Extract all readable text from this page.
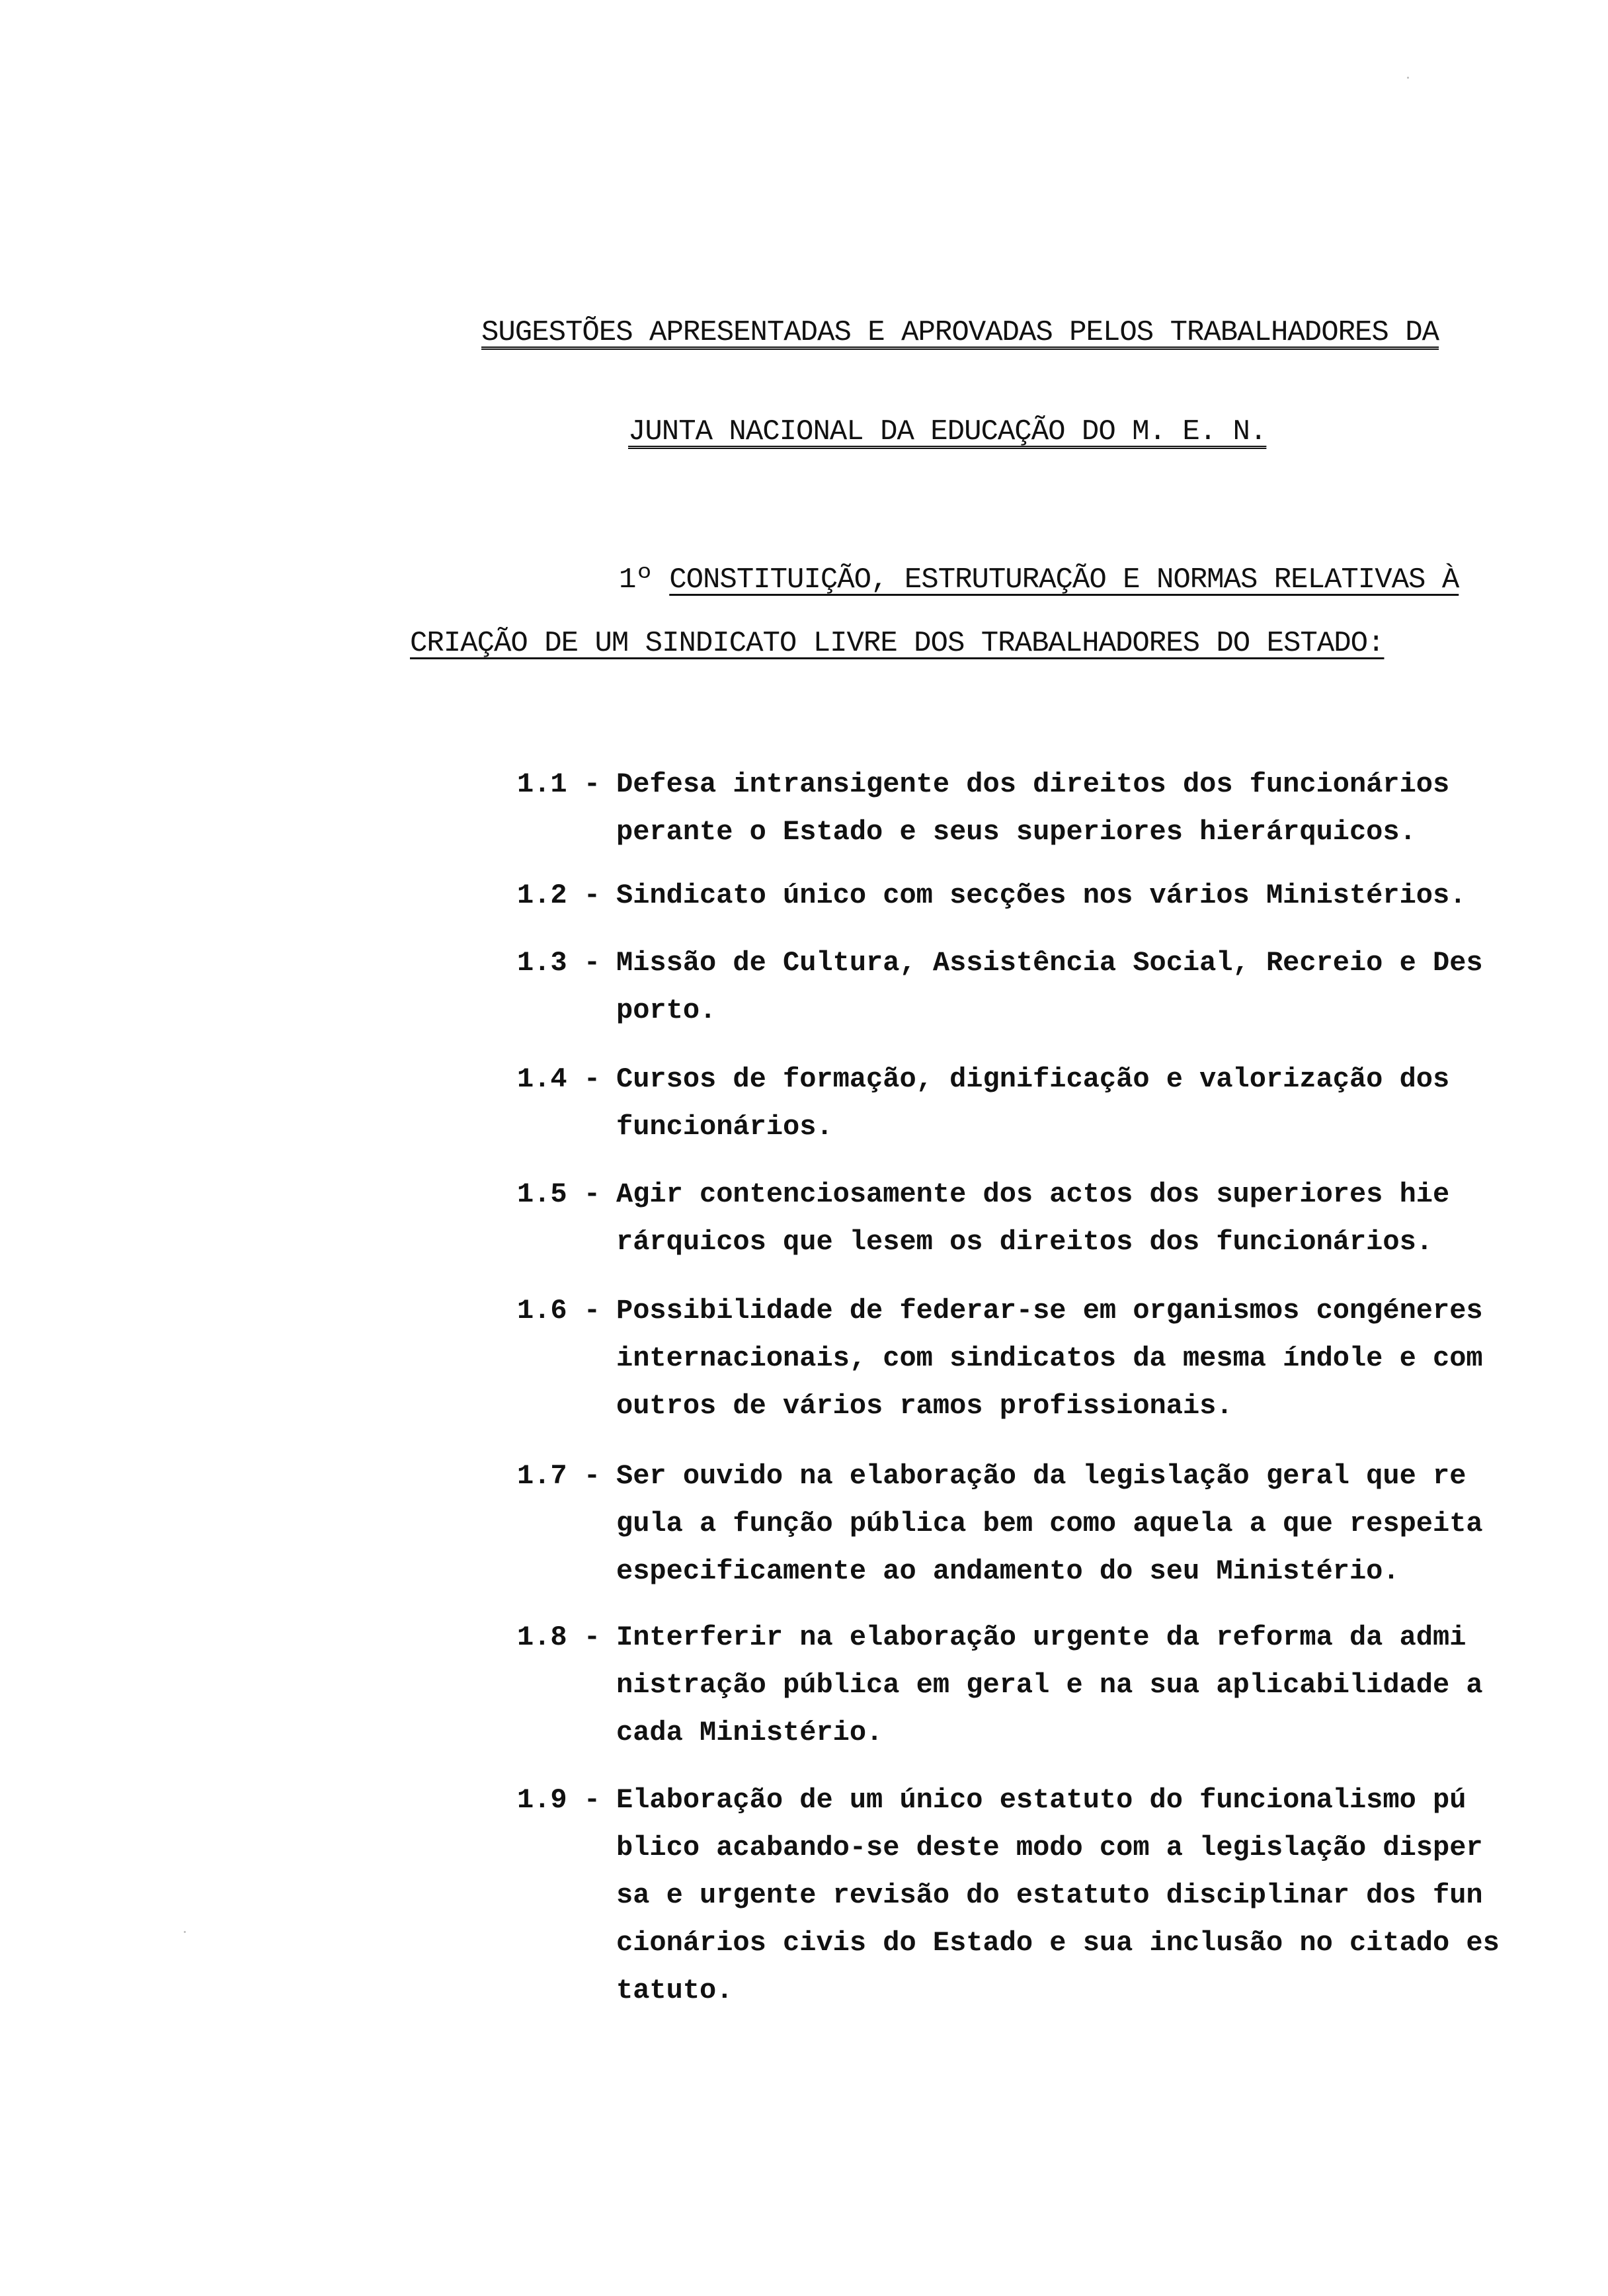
SUGESTÕES APRESENTADAS E APROVADAS PELOS TRABALHADORES DA
JUNTA NACIONAL DA EDUCAÇÃO DO M. E. N.
1º CONSTITUIÇÃO, ESTRUTURAÇÃO E NORMAS RELATIVAS À
CRIAÇÃO DE UM SINDICATO LIVRE DOS TRABALHADORES DO ESTADO:
1.1 - Defesa intransigente dos direitos dos funcionários
perante o Estado e seus superiores hierárquicos.
1.2 - Sindicato único com secções nos vários Ministérios.
1.3 - Missão de Cultura, Assistência Social, Recreio e Des
porto.
1.4 - Cursos de formação, dignificação e valorização dos
funcionários.
1.5 - Agir contenciosamente dos actos dos superiores hie
rárquicos que lesem os direitos dos funcionários.
1.6 - Possibilidade de federar-se em organismos congéneres
internacionais, com sindicatos da mesma índole e com
outros de vários ramos profissionais.
1.7 - Ser ouvido na elaboração da legislação geral que re
gula a função pública bem como aquela a que respeita
especificamente ao andamento do seu Ministério.
1.8 - Interferir na elaboração urgente da reforma da admi
nistração pública em geral e na sua aplicabilidade a
cada Ministério.
1.9 - Elaboração de um único estatuto do funcionalismo pú
blico acabando-se deste modo com a legislação disper
sa e urgente revisão do estatuto disciplinar dos fun
cionários civis do Estado e sua inclusão no citado es
tatuto.
